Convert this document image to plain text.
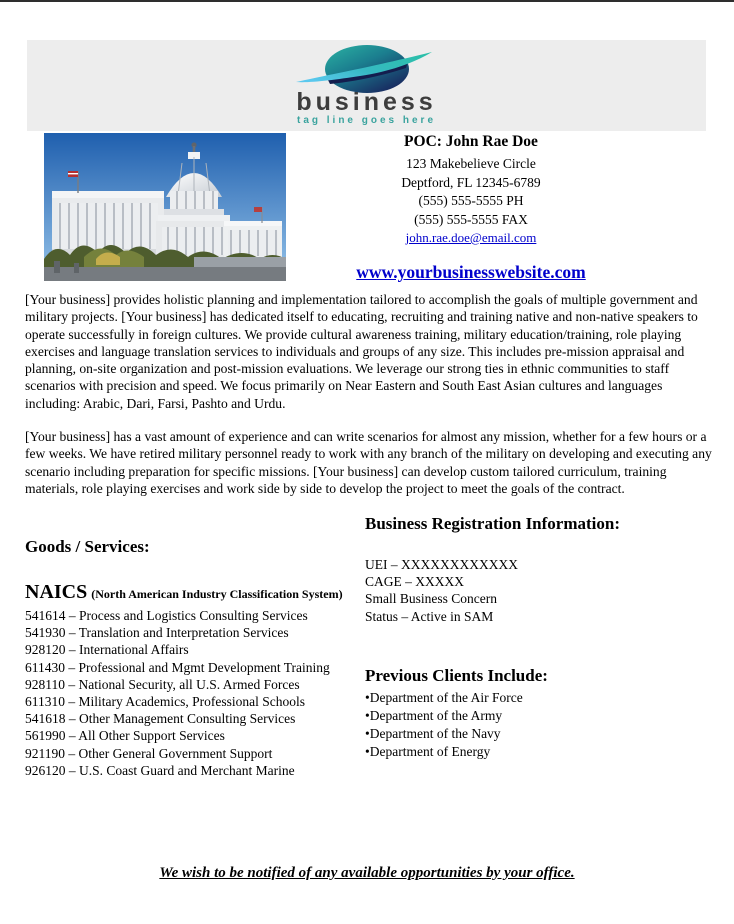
business
tag line goes here
POC: John Rae Doe
123 Makebelieve Circle
Deptford, FL 12345-6789
(555) 555-5555 PH
(555) 555-5555 FAX
john.rae.doe@email.com
www.yourbusinesswebsite.com

[Your business] provides holistic planning and implementation tailored to accomplish the goals of multiple government and military projects. [Your business] has dedicated itself to educating, recruiting and training native and non-native speakers to operate successfully in foreign cultures. We provide cultural awareness training, military education/training, role playing exercises and language translation services to individuals and groups of any size. This includes pre-mission appraisal and planning, on-site organization and post-mission evaluations. We leverage our strong ties in ethnic communities to staff scenarios with precision and speed. We focus primarily on Near Eastern and South East Asian cultures and languages including: Arabic, Dari, Farsi, Pashto and Urdu.

[Your business] has a vast amount of experience and can write scenarios for almost any mission, whether for a few hours or a few weeks. We have retired military personnel ready to work with any branch of the military on developing and executing any scenario including preparation for specific missions. [Your business] can develop custom tailored curriculum, training materials, role playing exercises and work side by side to develop the project to meet the goals of the contract.

Goods / Services:
NAICS (North American Industry Classification System)
541614 – Process and Logistics Consulting Services
541930 – Translation and Interpretation Services
928120 – International Affairs
611430 – Professional and Mgmt Development Training
928110 – National Security, all U.S. Armed Forces
611310 – Military Academics, Professional Schools
541618 – Other Management Consulting Services
561990 – All Other Support Services
921190 – Other General Government Support
926120 – U.S. Coast Guard and Merchant Marine
Business Registration Information:
UEI – XXXXXXXXXXXX
CAGE – XXXXX
Small Business Concern
Status – Active in SAM
Previous Clients Include:
• Department of the Air Force
• Department of the Army
• Department of the Navy
• Department of Energy
We wish to be notified of any available opportunities by your office.
